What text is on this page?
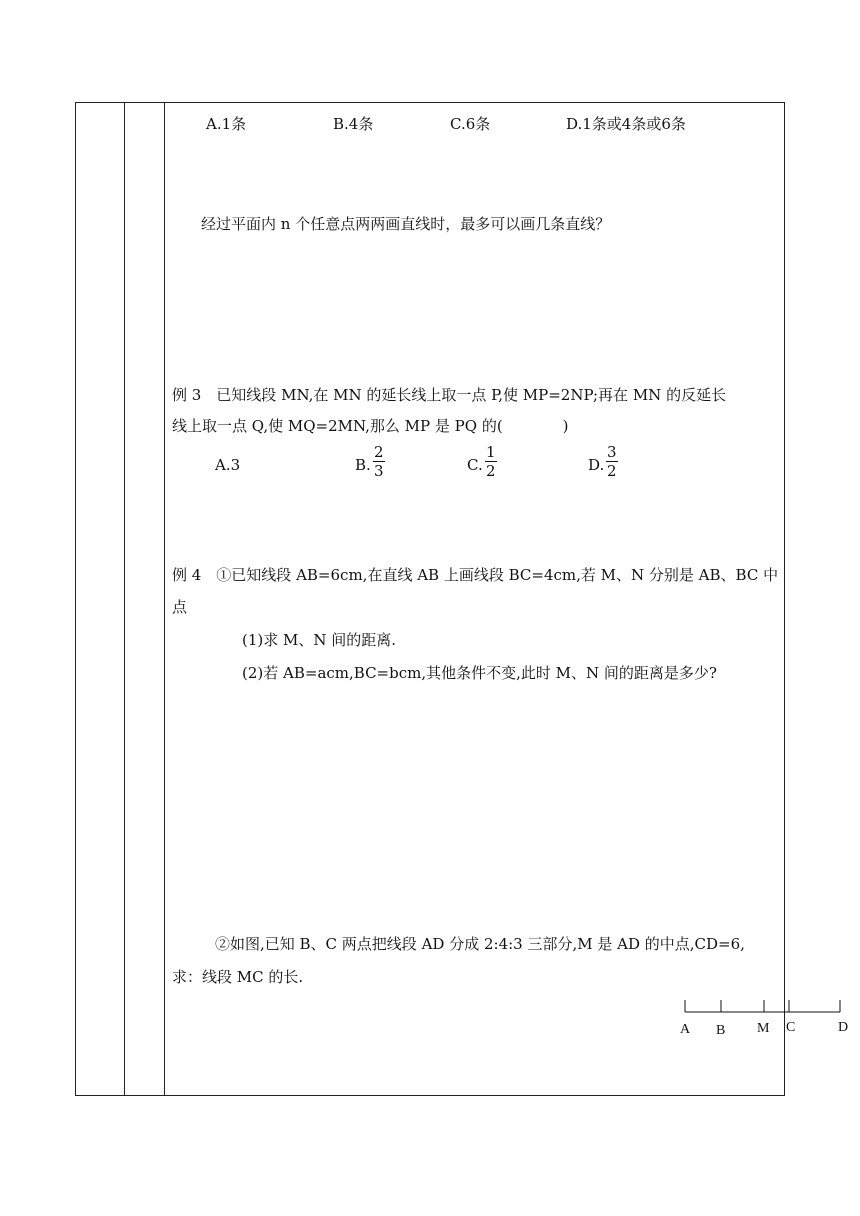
A.1条	B.4条	C.6条	D.1条或4条或6条
经过平面内 n 个任意点两两画直线时，最多可以画几条直线？
例 3　已知线段 MN,在 MN 的延长线上取一点 P,使 MP=2NP;再在 MN 的反延长
线上取一点 Q,使 MQ=2MN,那么 MP 是 PQ 的(　　　　)
A.3	B.
2
3	C.
1
2	D.
3
2
例 4　①已知线段 AB=6cm,在直线 AB 上画线段 BC=4cm,若 M、N 分别是 AB、BC 中
点
(1)求 M、N 间的距离.
(2)若 AB=acm,BC=bcm,其他条件不变,此时 M、N 间的距离是多少?
②如图,已知 B、C 两点把线段 AD 分成 2:4:3 三部分,M 是 AD 的中点,CD=6,
求：线段 MC 的长.
A B M C	D
